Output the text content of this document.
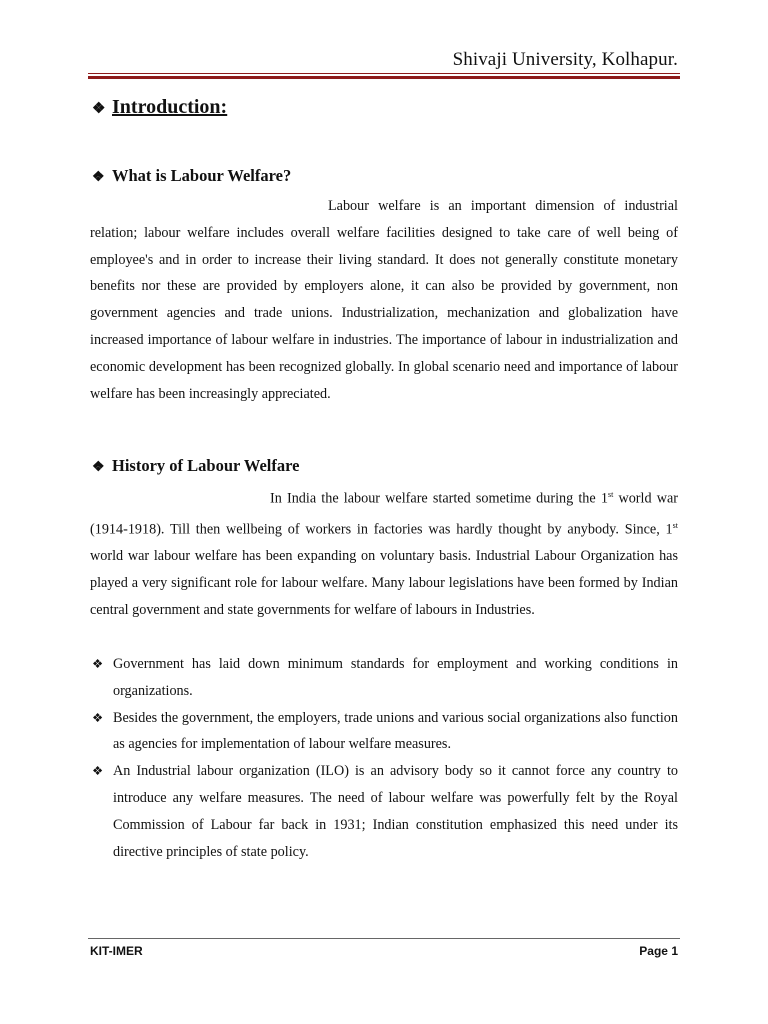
Shivaji University, Kolhapur.
❖ Introduction:
❖ What is Labour Welfare?

Labour welfare is an important dimension of industrial relation; labour welfare includes overall welfare facilities designed to take care of well being of employee's and in order to increase their living standard. It does not generally constitute monetary benefits nor these are provided by employers alone, it can also be provided by government, non government agencies and trade unions. Industrialization, mechanization and globalization have increased importance of labour welfare in industries. The importance of labour in industrialization and economic development has been recognized globally. In global scenario need and importance of labour welfare has been increasingly appreciated.

❖ History of Labour Welfare

In India the labour welfare started sometime during the 1st world war (1914-1918). Till then wellbeing of workers in factories was hardly thought by anybody. Since, 1st world war labour welfare has been expanding on voluntary basis. Industrial Labour Organization has played a very significant role for labour welfare. Many labour legislations have been formed by Indian central government and state governments for welfare of labours in Industries.

❖ Government has laid down minimum standards for employment and working conditions in organizations.
❖ Besides the government, the employers, trade unions and various social organizations also function as agencies for implementation of labour welfare measures.
❖ An Industrial labour organization (ILO) is an advisory body so it cannot force any country to introduce any welfare measures. The need of labour welfare was powerfully felt by the Royal Commission of Labour far back in 1931; Indian constitution emphasized this need under its directive principles of state policy.
KIT-IMER	Page 1
